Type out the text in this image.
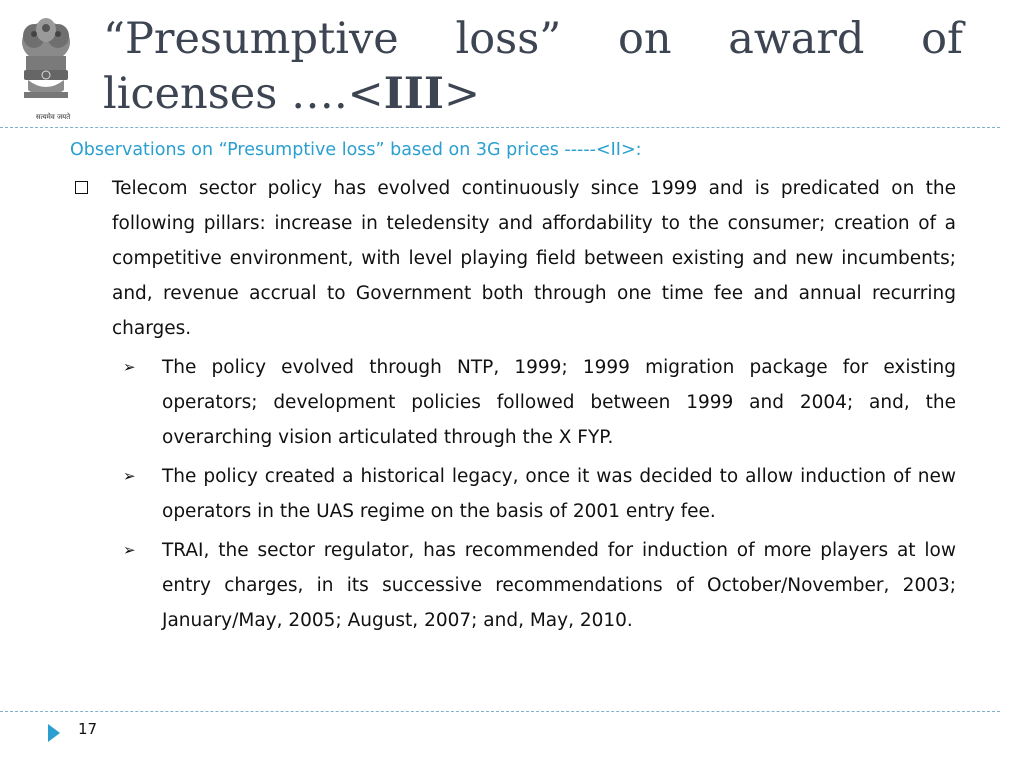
सत्यमेव जयते
“Presumptive loss” on award of
licenses ….<III>

Observations on “Presumptive loss” based on 3G prices -----<II>:

Telecom sector policy has evolved continuously since 1999 and is predicated on the following pillars: increase in teledensity and affordability to the consumer; creation of a competitive environment, with level playing field between existing and new incumbents; and, revenue accrual to Government both through one time fee and annual recurring charges.
➢ The policy evolved through NTP, 1999; 1999 migration package for existing operators; development policies followed between 1999 and 2004; and, the overarching vision articulated through the X FYP.
➢ The policy created a historical legacy, once it was decided to allow induction of new operators in the UAS regime on the basis of 2001 entry fee.
➢ TRAI, the sector regulator, has recommended for induction of more players at low entry charges, in its successive recommendations of October/November, 2003; January/May, 2005; August, 2007; and, May, 2010.
17
